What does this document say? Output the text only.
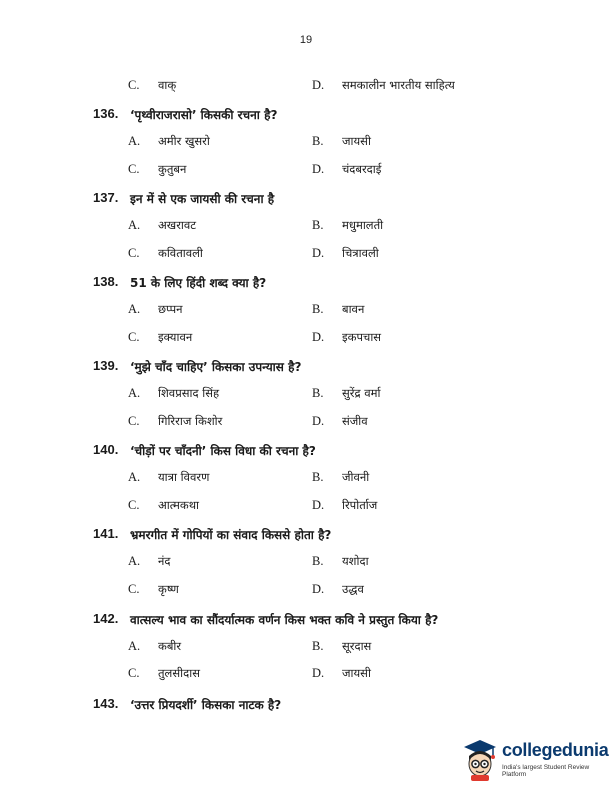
19
C. वाक्	D. समकालीन भारतीय साहित्य
136. ‘पृथ्वीराजरासो’ किसकी रचना है?
A. अमीर खुसरो	B. जायसी
C. कुतुबन	D. चंदबरदाई
137. इन में से एक जायसी की रचना है
A. अखरावट	B. मधुमालती
C. कवितावली	D. चित्रावली
138. 51 के लिए हिंदी शब्द क्या है?
A. छप्पन	B. बावन
C. इक्यावन	D. इकपचास
139. ‘मुझे चाँद चाहिए’ किसका उपन्यास है?
A. शिवप्रसाद सिंह	B. सुरेंद्र वर्मा
C. गिरिराज किशोर	D. संजीव
140. ‘चीड़ों पर चाँदनी’ किस विधा की रचना है?
A. यात्रा विवरण	B. जीवनी
C. आत्मकथा	D. रिपोर्ताज
141. भ्रमरगीत में गोपियों का संवाद किससे होता है?
A. नंद	B. यशोदा
C. कृष्ण	D. उद्धव
142. वात्सल्य भाव का सौंदर्यात्मक वर्णन किस भक्त कवि ने प्रस्तुत किया है?
A. कबीर	B. सूरदास
C. तुलसीदास	D. जायसी
143. ‘उत्तर प्रियदर्शी’ किसका नाटक है?
collegedunia
India's largest Student Review Platform
